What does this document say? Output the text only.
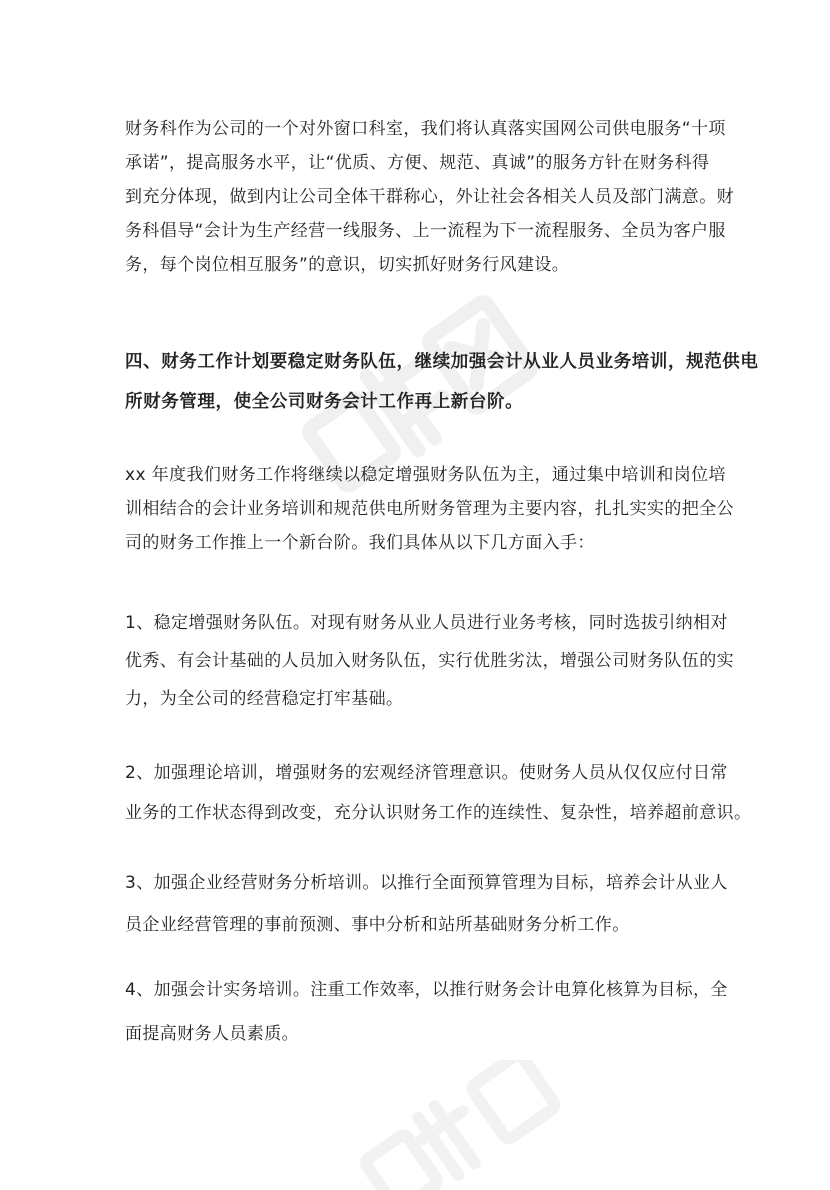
财务科作为公司的一个对外窗口科室，我们将认真落实国网公司供电服务“十项
承诺”，提高服务水平，让“优质、方便、规范、真诚”的服务方针在财务科得
到充分体现，做到内让公司全体干群称心，外让社会各相关人员及部门满意。财
务科倡导“会计为生产经营一线服务、上一流程为下一流程服务、全员为客户服
务，每个岗位相互服务”的意识，切实抓好财务行风建设。

四、财务工作计划要稳定财务队伍，继续加强会计从业人员业务培训，规范供电
所财务管理，使全公司财务会计工作再上新台阶。

xx 年度我们财务工作将继续以稳定增强财务队伍为主，通过集中培训和岗位培
训相结合的会计业务培训和规范供电所财务管理为主要内容，扎扎实实的把全公
司的财务工作推上一个新台阶。我们具体从以下几方面入手：

1、稳定增强财务队伍。对现有财务从业人员进行业务考核，同时选拔引纳相对
优秀、有会计基础的人员加入财务队伍，实行优胜劣汰，增强公司财务队伍的实
力，为全公司的经营稳定打牢基础。

2、加强理论培训，增强财务的宏观经济管理意识。使财务人员从仅仅应付日常
业务的工作状态得到改变，充分认识财务工作的连续性、复杂性，培养超前意识。

3、加强企业经营财务分析培训。以推行全面预算管理为目标，培养会计从业人
员企业经营管理的事前预测、事中分析和站所基础财务分析工作。

4、加强会计实务培训。注重工作效率，以推行财务会计电算化核算为目标，全
面提高财务人员素质。
